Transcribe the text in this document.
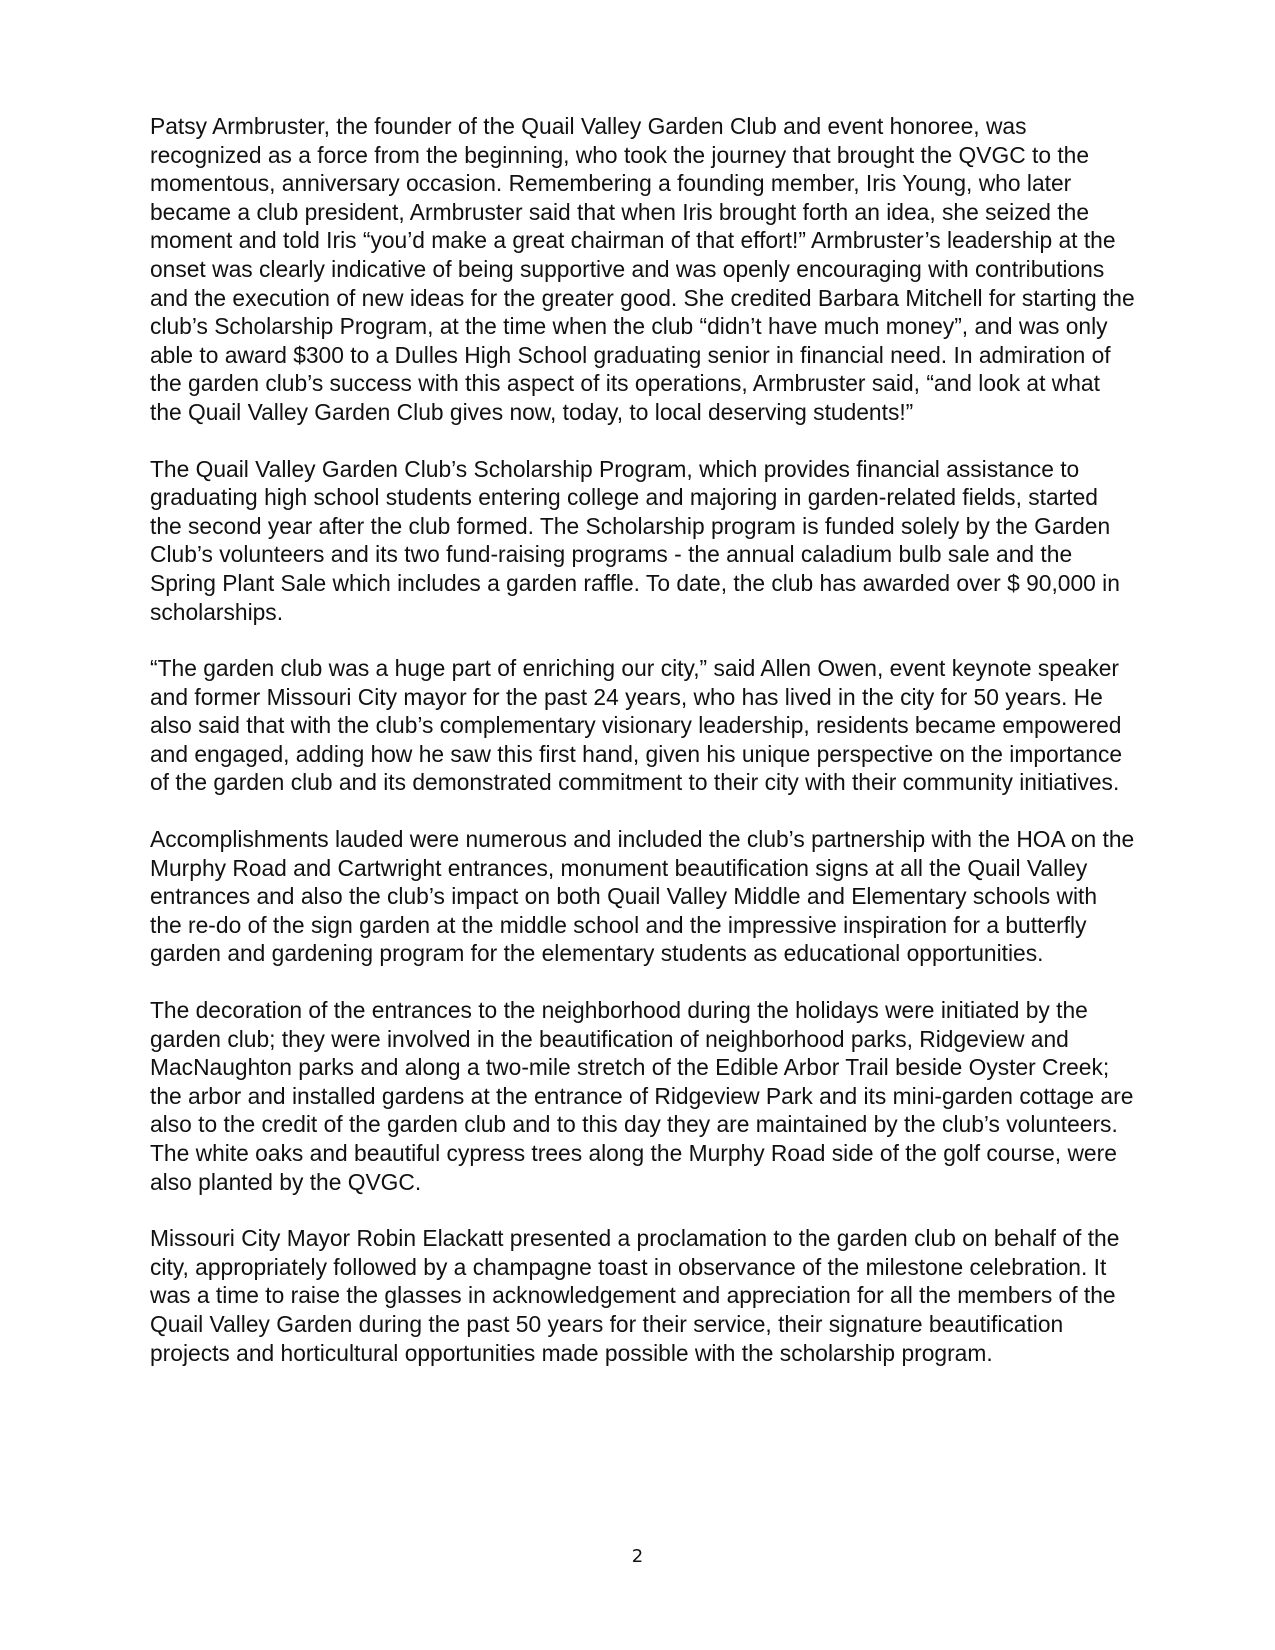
Patsy Armbruster, the founder of the Quail Valley Garden Club and event honoree, was recognized as a force from the beginning, who took the journey that brought the QVGC to the momentous, anniversary occasion. Remembering a founding member, Iris Young, who later became a club president, Armbruster said that when Iris brought forth an idea, she seized the moment and told Iris “you’d make a great chairman of that effort!” Armbruster’s leadership at the onset was clearly indicative of being supportive and was openly encouraging with contributions and the execution of new ideas for the greater good. She credited Barbara Mitchell for starting the club’s Scholarship Program, at the time when the club “didn’t have much money”, and was only able to award $300 to a Dulles High School graduating senior in financial need. In admiration of the garden club’s success with this aspect of its operations, Armbruster said, “and look at what the Quail Valley Garden Club gives now, today, to local deserving students!”

The Quail Valley Garden Club’s Scholarship Program, which provides financial assistance to graduating high school students entering college and majoring in garden-related fields, started the second year after the club formed. The Scholarship program is funded solely by the Garden Club’s volunteers and its two fund-raising programs - the annual caladium bulb sale and the Spring Plant Sale which includes a garden raffle. To date, the club has awarded over $ 90,000 in scholarships.

“The garden club was a huge part of enriching our city,” said Allen Owen, event keynote speaker and former Missouri City mayor for the past 24 years, who has lived in the city for 50 years. He also said that with the club’s complementary visionary leadership, residents became empowered and engaged, adding how he saw this first hand, given his unique perspective on the importance of the garden club and its demonstrated commitment to their city with their community initiatives.

Accomplishments lauded were numerous and included the club’s partnership with the HOA on the Murphy Road and Cartwright entrances, monument beautification signs at all the Quail Valley entrances and also the club’s impact on both Quail Valley Middle and Elementary schools with the re-do of the sign garden at the middle school and the impressive inspiration for a butterfly garden and gardening program for the elementary students as educational opportunities.

The decoration of the entrances to the neighborhood during the holidays were initiated by the garden club; they were involved in the beautification of neighborhood parks, Ridgeview and MacNaughton parks and along a two-mile stretch of the Edible Arbor Trail beside Oyster Creek; the arbor and installed gardens at the entrance of Ridgeview Park and its mini-garden cottage are also to the credit of the garden club and to this day they are maintained by the club’s volunteers. The white oaks and beautiful cypress trees along the Murphy Road side of the golf course, were also planted by the QVGC.

Missouri City Mayor Robin Elackatt presented a proclamation to the garden club on behalf of the city, appropriately followed by a champagne toast in observance of the milestone celebration. It was a time to raise the glasses in acknowledgement and appreciation for all the members of the Quail Valley Garden during the past 50 years for their service, their signature beautification projects and horticultural opportunities made possible with the scholarship program.

2
